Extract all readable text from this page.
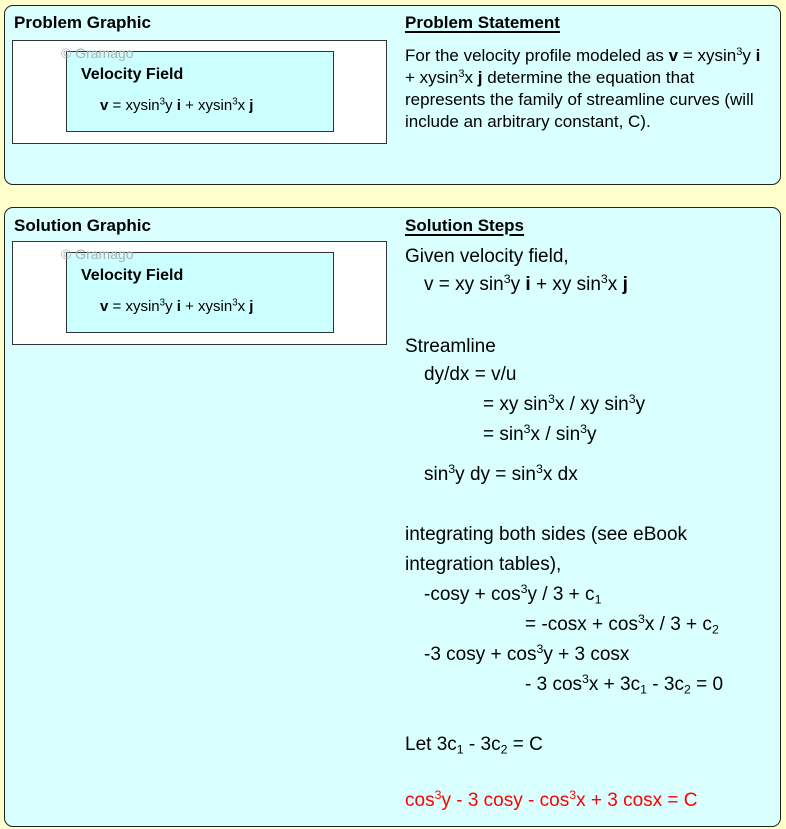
Problem Graphic
Velocity Field
v = xysin$^3$y i + xysin$^3$x j
© Gramago
Problem Statement
For the velocity profile modeled as v = xysin$^3$y i + xysin$^3$x j determine the equation that represents the family of streamline curves (will include an arbitrary constant, C).
Solution Graphic
Velocity Field
v = xysin$^3$y i + xysin$^3$x j
© Gramago
Solution Steps
Given velocity field,
v = xy $\sin^3y$ i + xy $\sin^3x$ j
Streamline
dy/dx = v/u
= xy $\sin^3x$ / xy $\sin^3y$
= $\sin^3x / \sin^3y$
$\sin^3y$ dy = $\sin^3x$ dx
integrating both sides (see eBook
integration tables),
$-\cos y + \cos^3y / 3 + c_1$
= $-\cos x + \cos^3x / 3 + c_2$
-3 $\cos y + \cos^3y + 3$ cosx
- 3 $\cos^3x + 3c_1 - 3c_2 = 0$
Let $3c_1 - 3c_2 = C$
$\cos^3y - 3$ $\cos y - \cos^3x + 3$ cosx = C
